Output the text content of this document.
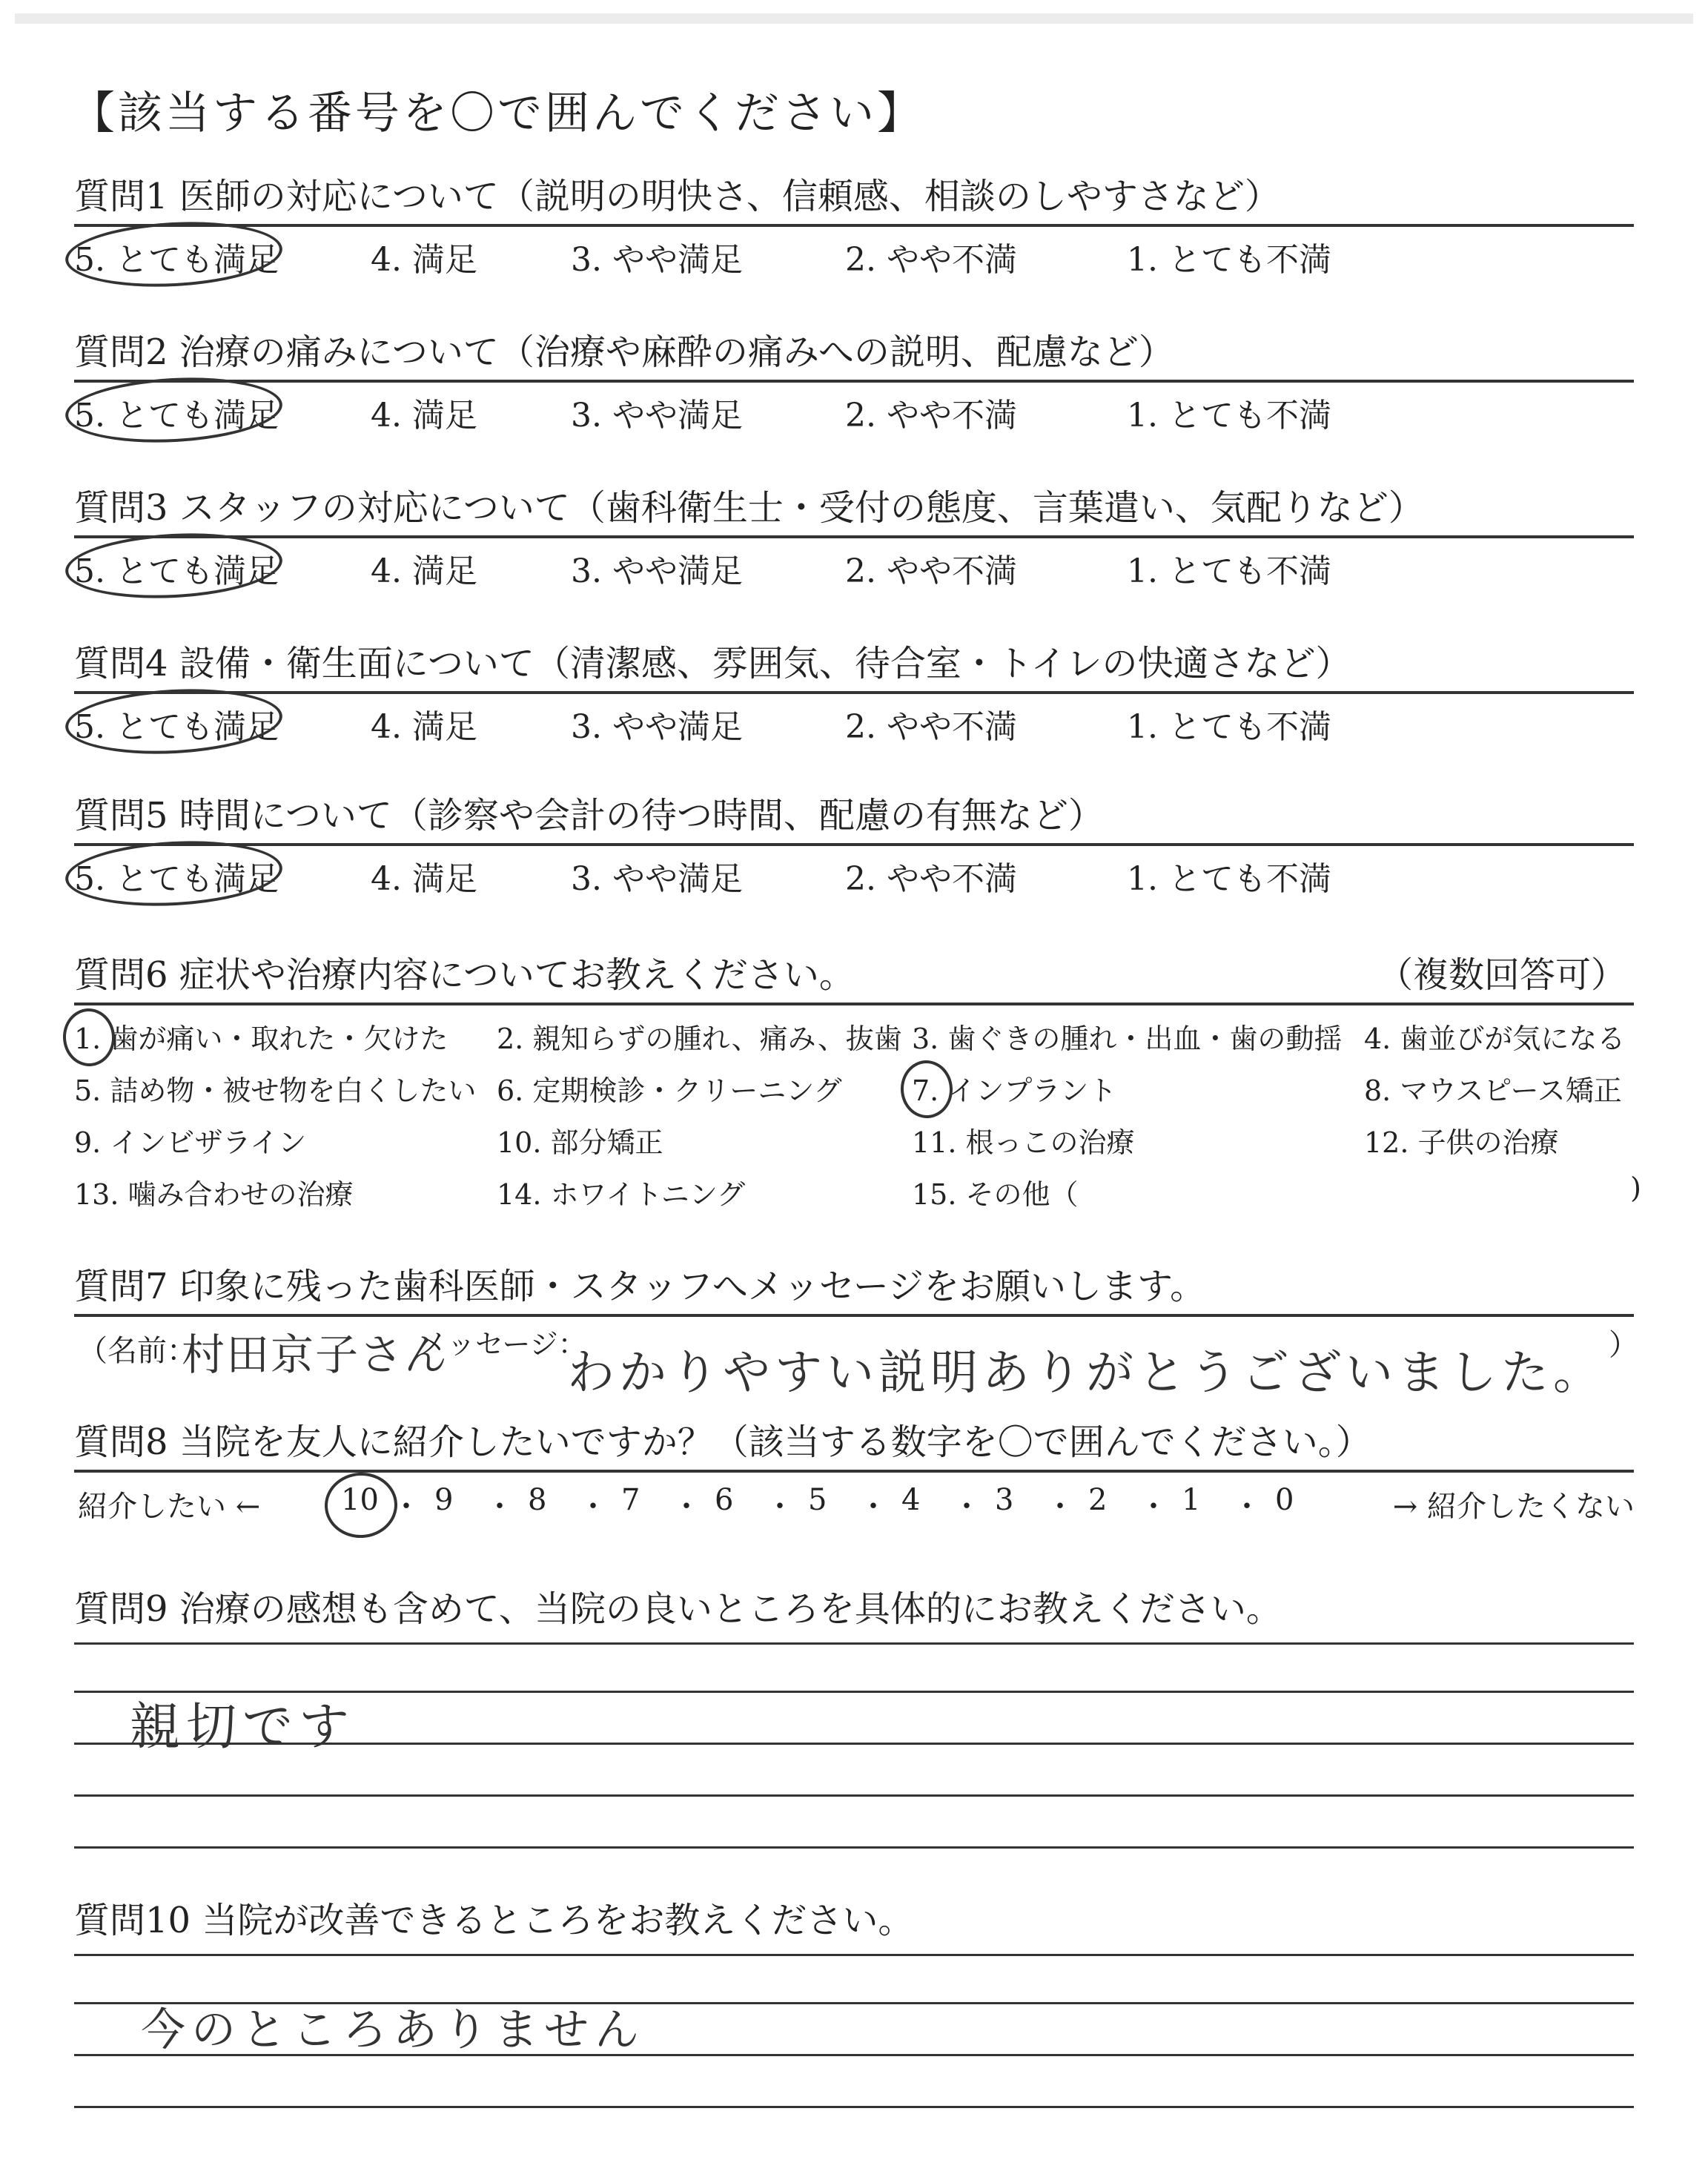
【該当する番号を〇で囲んでください】
質問1 医師の対応について（説明の明快さ、信頼感、相談のしやすさなど）
5. とても満足	4. 満足	3. やや満足	2. やや不満	1. とても不満
質問2 治療の痛みについて（治療や麻酔の痛みへの説明、配慮など）
5. とても満足	4. 満足	3. やや満足	2. やや不満	1. とても不満
質問3 スタッフの対応について（歯科衛生士・受付の態度、言葉遣い、気配りなど）
5. とても満足	4. 満足	3. やや満足	2. やや不満	1. とても不満
質問4 設備・衛生面について（清潔感、雰囲気、待合室・トイレの快適さなど）
5. とても満足	4. 満足	3. やや満足	2. やや不満	1. とても不満
質問5 時間について（診察や会計の待つ時間、配慮の有無など）
5. とても満足	4. 満足	3. やや満足	2. やや不満	1. とても不満
質問6 症状や治療内容についてお教えください。	（複数回答可）
1. 歯が痛い・取れた・欠けた 2. 親知らずの腫れ、痛み、抜歯 3. 歯ぐきの腫れ・出血・歯の動揺 4. 歯並びが気になる
5. 詰め物・被せ物を白くしたい 6. 定期検診・クリーニング 7. インプラント	8. マウスピース矯正
9. インビザライン	10. 部分矯正	11. 根っこの治療	12. 子供の治療
13. 噛み合わせの治療	14. ホワイトニング	15. その他（	)
質問7 印象に残った歯科医師・スタッフへメッセージをお願いします。
（名前：
村田京子さん
メッセージ：
わかりやすい説明ありがとうございました。
）
質問8 当院を友人に紹介したいですか？（該当する数字を〇で囲んでください。）
紹介したい ←	→ 紹介したくない
10 ・ 9 ・ 8 ・ 7 ・ 6 ・ 5 ・ 4 ・ 3 ・ 2 ・ 1 ・ 0
質問9 治療の感想も含めて、当院の良いところを具体的にお教えください。
親切です
質問10 当院が改善できるところをお教えください。
今のところありません
